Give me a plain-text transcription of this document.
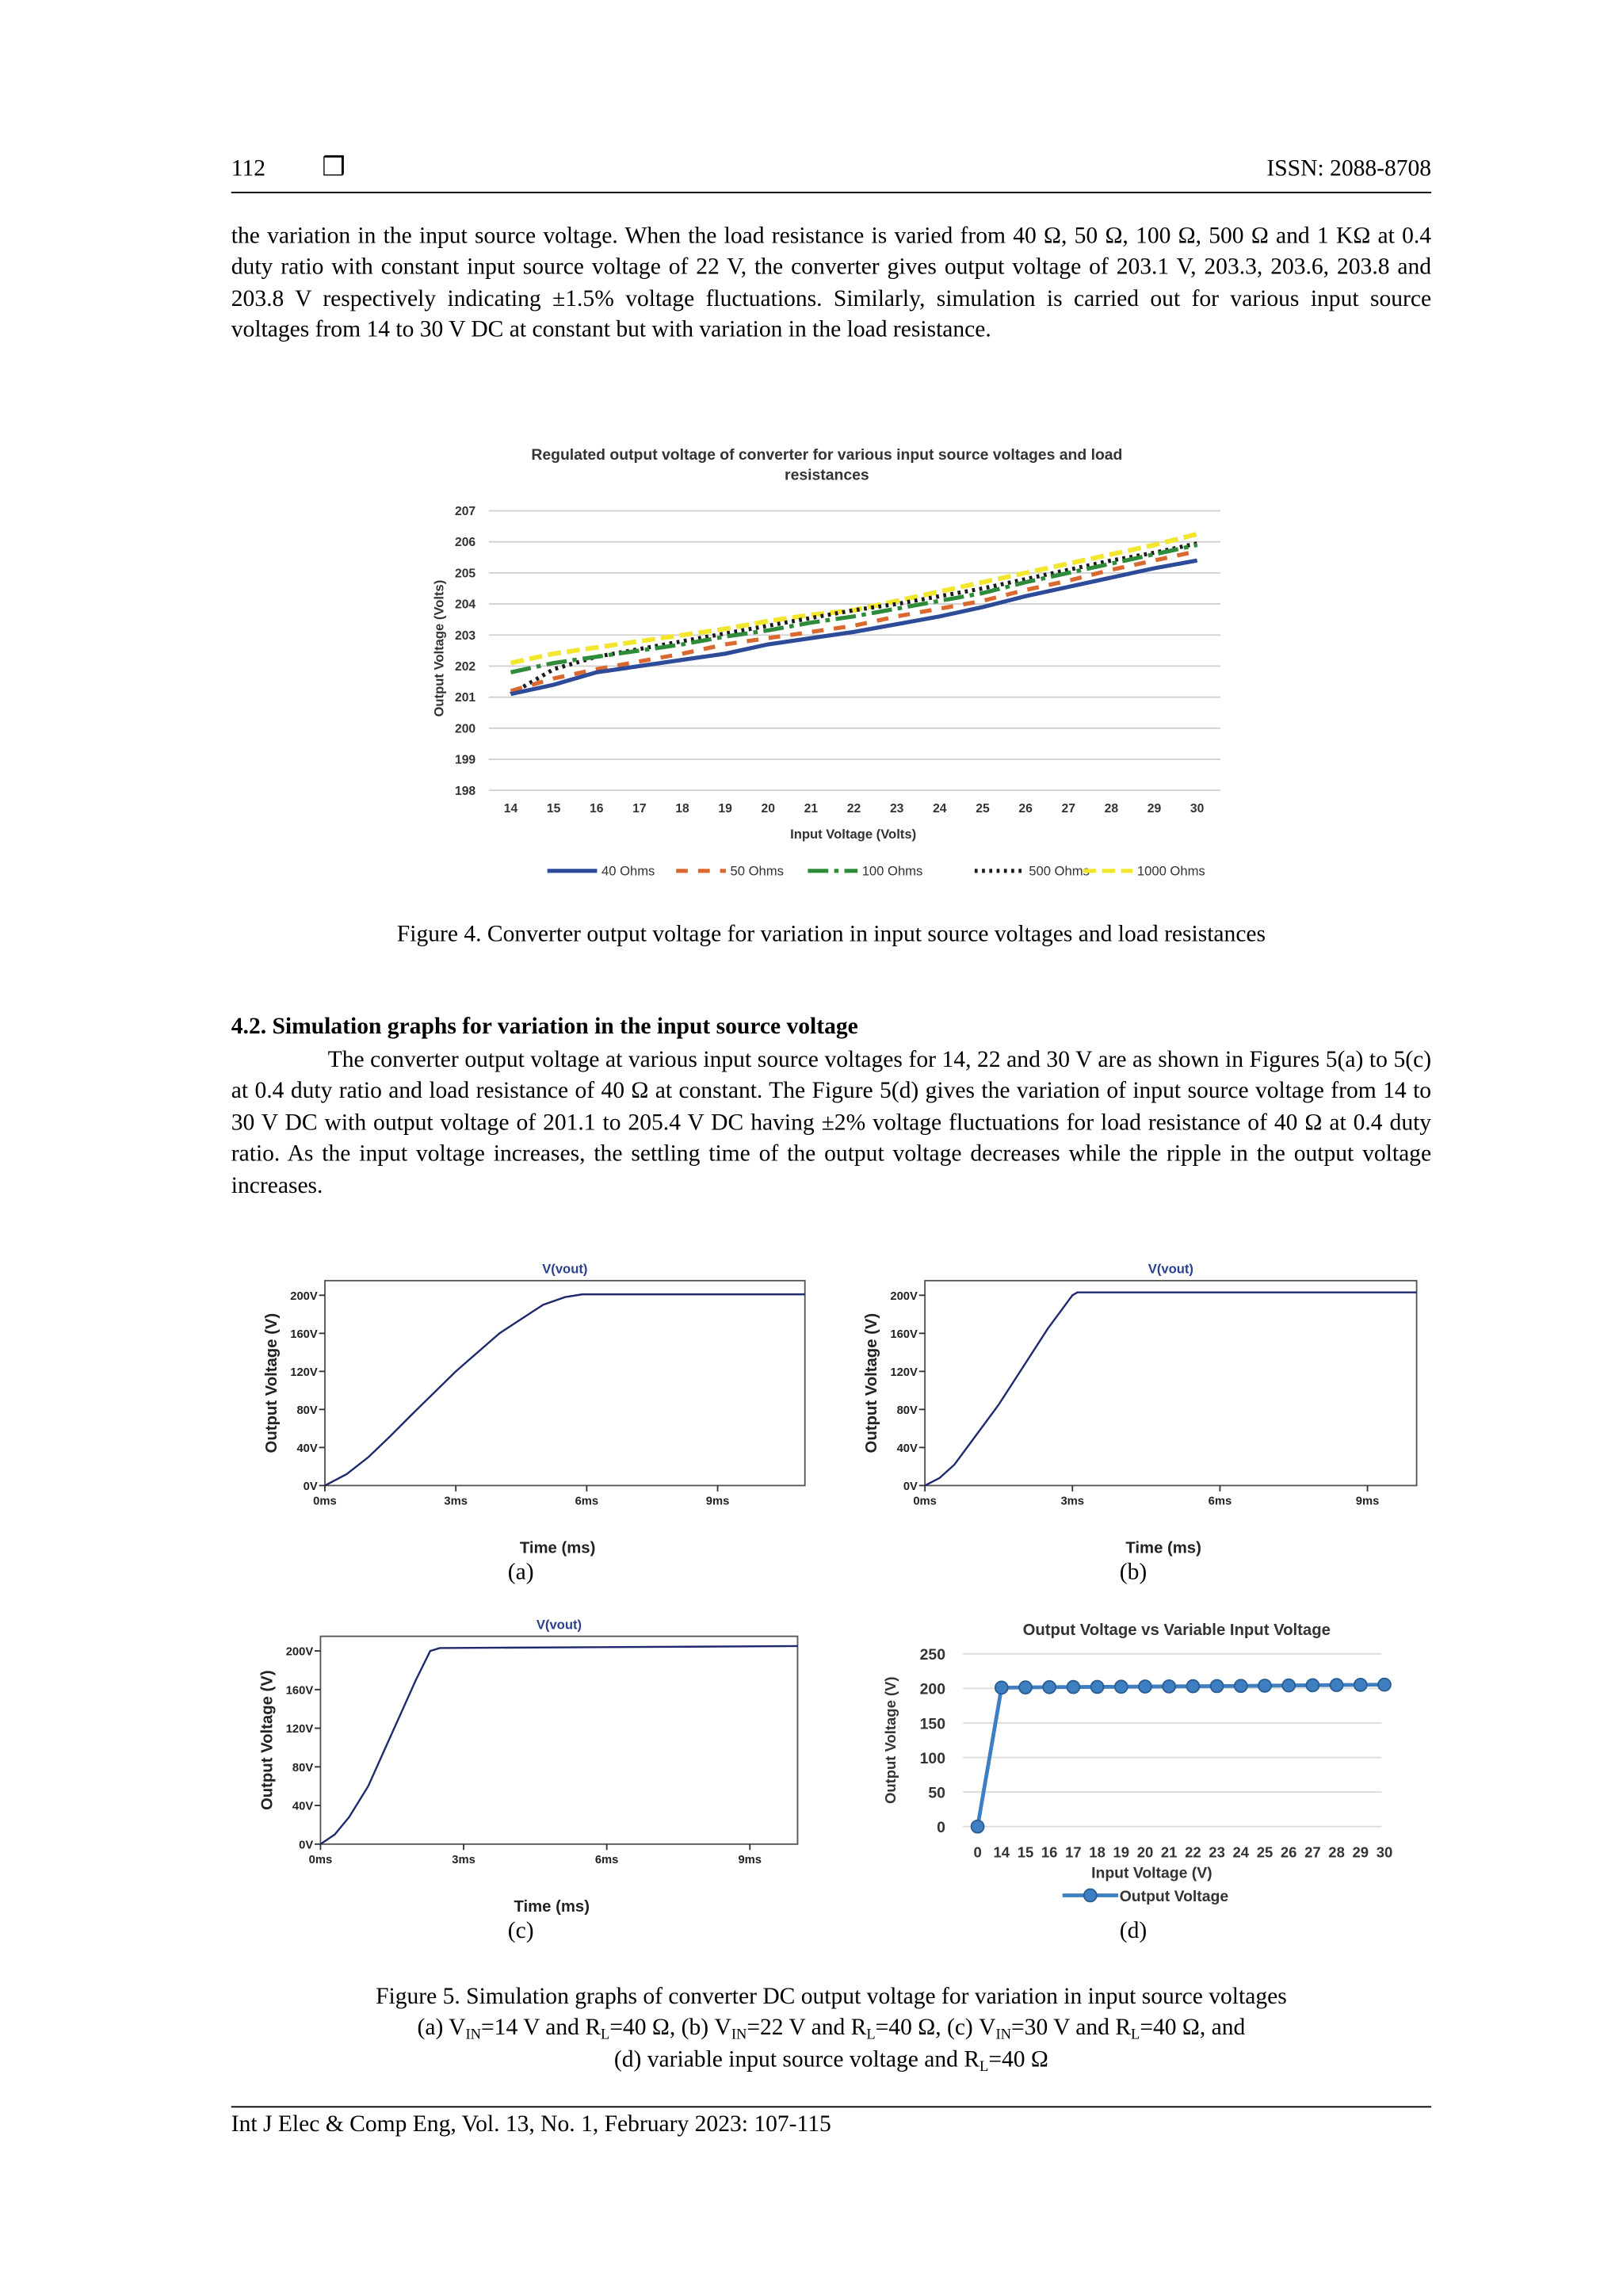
112	❒	ISSN: 2088-8708
the variation in the input source voltage. When the load resistance is varied from 40 Ω, 50 Ω, 100 Ω, 500 Ω and 1 KΩ at 0.4 duty ratio with constant input source voltage of 22 V, the converter gives output voltage of 203.1 V, 203.3, 203.6, 203.8 and 203.8 V respectively indicating ±1.5% voltage fluctuations. Similarly, simulation is carried out for various input source voltages from 14 to 30 V DC at constant but with variation in the load resistance.
Regulated output voltage of converter for various input source voltages and load
resistances
198
199
200
201
202
203
204
205
206
207
14	15	16	17	18	19	20	21	22	23	24	25	26	27	28	29	30
Output Voltage (Volts)
Input Voltage (Volts)
40 Ohms	50 Ohms	100 Ohms	500 Ohms	1000 Ohms
Figure 4. Converter output voltage for variation in input source voltages and load resistances
4.2. Simulation graphs for variation in the input source voltage
The converter output voltage at various input source voltages for 14, 22 and 30 V are as shown in Figures 5(a) to 5(c) at 0.4 duty ratio and load resistance of 40 Ω at constant. The Figure 5(d) gives the variation of input source voltage from 14 to 30 V DC with output voltage of 201.1 to 205.4 V DC having ±2% voltage fluctuations for load resistance of 40 Ω at 0.4 duty ratio. As the input voltage increases, the settling time of the output voltage decreases while the ripple in the output voltage increases.
V(vout)
0V
40V
80V
120V
160V
200V
0ms	3ms	6ms	9ms
Output Voltage (V)
Time (ms)
V(vout)
0V
40V
80V
120V
160V
200V
0ms	3ms	6ms	9ms
Output Voltage (V)
Time (ms)
V(vout)
0V
40V
80V
120V
160V
200V
0ms	3ms	6ms	9ms
Output Voltage (V)
Time (ms)
Output Voltage vs Variable Input Voltage
0
50
100
150
200
250
0 14 15 16 17 18 19 20 21 22 23 24 25 26 27 28 29 30
Output Voltage (V)
Input Voltage (V)
Output Voltage
(a)	(b)
(c)	(d)
Figure 5. Simulation graphs of converter DC output voltage for variation in input source voltages
(a) $V_{IN}=14$ V and $R_L=40$ Ω, (b) $V_{IN}=22$ V and $R_L=40$ Ω, (c) $V_{IN}=30$ V and $R_L=40$ Ω, and
(d) variable input source voltage and $R_L=40$ Ω
Int J Elec & Comp Eng, Vol. 13, No. 1, February 2023: 107-115
